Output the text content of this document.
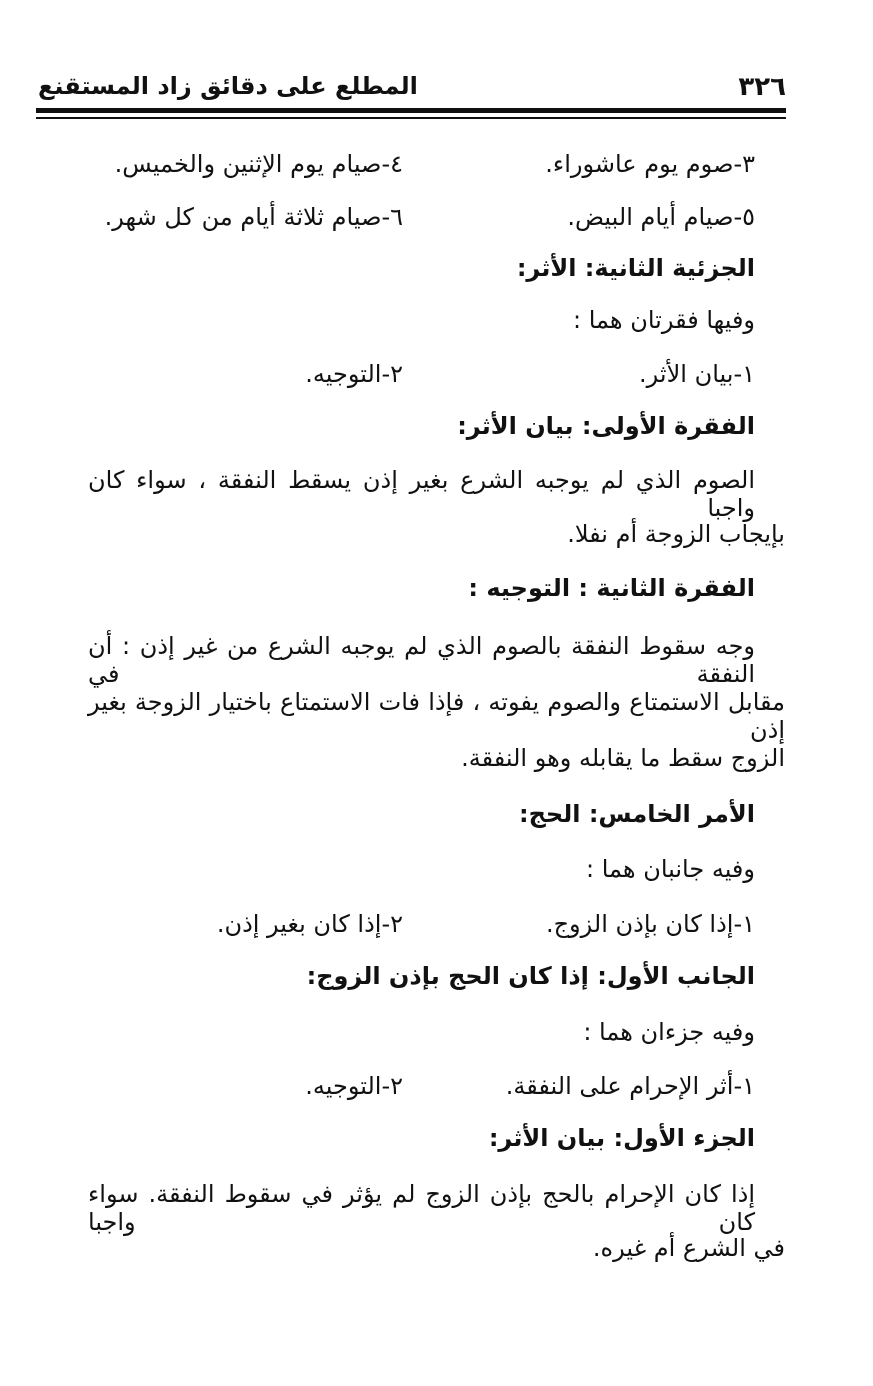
٣٢٦
المطلع على دقائق زاد المستقنع
٣-صوم يوم عاشوراء.
٤-صيام يوم الإثنين والخميس.
٥-صيام أيام البيض.
٦-صيام ثلاثة أيام من كل شهر.
الجزئية الثانية: الأثر:
وفيها فقرتان هما :
١-بيان الأثر.
٢-التوجيه.
الفقرة الأولى: بيان الأثر:
الصوم الذي لم يوجبه الشرع بغير إذن يسقط النفقة ، سواء كان واجبا
بإيجاب الزوجة أم نفلا.
الفقرة الثانية : التوجيه :
وجه سقوط النفقة بالصوم الذي لم يوجبه الشرع من غير إذن : أن النفقة في
مقابل الاستمتاع والصوم يفوته ، فإذا فات الاستمتاع باختيار الزوجة بغير إذن
الزوج سقط ما يقابله وهو النفقة.
الأمر الخامس: الحج:
وفيه جانبان هما :
١-إذا كان بإذن الزوج.
٢-إذا كان بغير إذن.
الجانب الأول: إذا كان الحج بإذن الزوج:
وفيه جزءان هما :
١-أثر الإحرام على النفقة.
٢-التوجيه.
الجزء الأول: بيان الأثر:
إذا كان الإحرام بالحج بإذن الزوج لم يؤثر في سقوط النفقة. سواء كان واجبا
في الشرع أم غيره.
